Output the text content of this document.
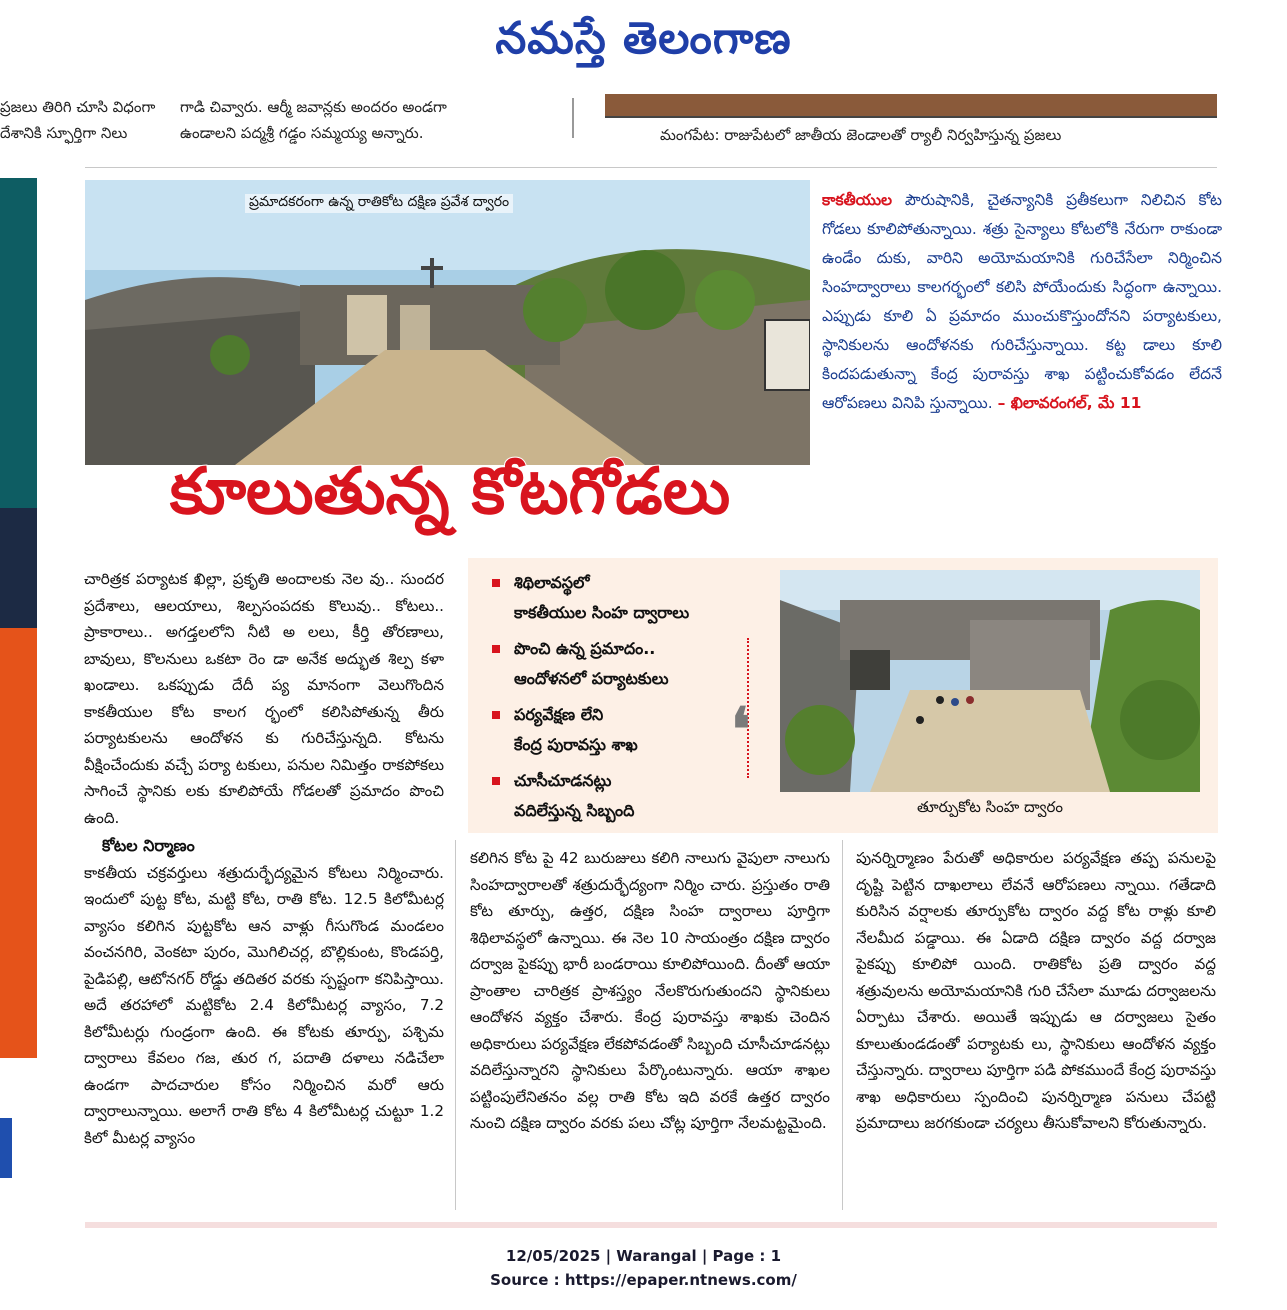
నమస్తే తెలంగాణ

ప్రజలు తిరిగి చూసి విధంగా

దేశానికి స్ఫూర్తిగా నిలు

గాడి చివ్వారు. ఆర్మీ జవాన్లకు అందరం అండగా

ఉండాలని పద్మశ్రీ గడ్డం సమ్మయ్య అన్నారు.	మంగపేట: రాజుపేటలో జాతీయ జెండాలతో ర్యాలీ నిర్వహిస్తున్న ప్రజలు
ప్రమాదకరంగా ఉన్న రాతికోట దక్షిణ ప్రవేశ ద్వారం
కూలుతున్న కోటగోడలు
కాకతీయుల పౌరుషానికి, చైతన్యానికి ప్రతీకలుగా నిలిచిన కోట గోడలు కూలిపోతున్నాయి. శత్రు సైన్యాలు కోటలోకి నేరుగా రాకుండా ఉండేం దుకు, వారిని అయోమయానికి గురిచేసేలా నిర్మించిన సింహద్వారాలు కాలగర్భంలో కలిసి పోయేందుకు సిద్ధంగా ఉన్నాయి. ఎప్పుడు కూలి ఏ ప్రమాదం ముంచుకొస్తుందోనని పర్యాటకులు, స్థానికులను ఆందోళనకు గురిచేస్తున్నాయి. కట్ట డాలు కూలి కిందపడుతున్నా కేంద్ర పురావస్తు శాఖ పట్టించుకోవడం లేదనే ఆరోపణలు వినిపి స్తున్నాయి. – ఖిలావరంగల్, మే 11
శిథిలావస్థలో
కాకతీయుల సింహ ద్వారాలు
పొంచి ఉన్న ప్రమాదం..
ఆందోళనలో పర్యాటకులు
పర్యవేక్షణ లేని
కేంద్ర పురావస్తు శాఖ
చూసీచూడనట్లు
వదిలేస్తున్న సిబ్బంది
❛
తూర్పుకోట సింహ ద్వారం

చారిత్రక పర్యాటక ఖిల్లా, ప్రకృతి అందాలకు నెల వు.. సుందర ప్రదేశాలు, ఆలయాలు, శిల్పసంపదకు కొలువు.. కోటలు.. ప్రాకారాలు.. అగడ్తలలోని నీటి అ లలు, కీర్తి తోరణాలు, బావులు, కొలనులు ఒకటా రెం డా అనేక అద్భుత శిల్ప కళా ఖండాలు. ఒకప్పుడు దేదీ ప్య మానంగా వెలుగొందిన కాకతీయుల కోట కాలగ ర్భంలో కలిసిపోతున్న తీరు పర్యాటకులను ఆందోళన కు గురిచేస్తున్నది. కోటను వీక్షించేందుకు వచ్చే పర్యా టకులు, పనుల నిమిత్తం రాకపోకలు సాగించే స్థానికు లకు కూలిపోయే గోడలతో ప్రమాదం పొంచి ఉంది.

కోటల నిర్మాణం

కాకతీయ చక్రవర్తులు శత్రుదుర్భేద్యమైన కోటలు నిర్మించారు. ఇందులో పుట్ట కోట, మట్టి కోట, రాతి కోట. 12.5 కిలోమీటర్ల వ్యాసం కలిగిన పుట్టకోట ఆన వాళ్లు గీసుగొండ మండలం వంచనగిరి, వెంకటా పురం, మొగిలిచర్ల, బొల్లికుంట, కొండపర్తి, పైడిపల్లి, ఆటోనగర్ రోడ్డు తదితర వరకు స్పష్టంగా కనిపిస్తాయి. అదే తరహాలో మట్టికోట 2.4 కిలోమీటర్ల వ్యాసం, 7.2 కిలోమీటర్లు గుండ్రంగా ఉంది. ఈ కోటకు తూర్పు, పశ్చిమ ద్వారాలు కేవలం గజ, తుర గ, పదాతి దళాలు నడిచేలా ఉండగా పాదచారుల కోసం నిర్మించిన మరో ఆరు ద్వారాలున్నాయి. అలాగే రాతి కోట 4 కిలోమీటర్ల చుట్టూ 1.2 కిలో మీటర్ల వ్యాసం

కలిగిన కోట పై 42 బురుజులు కలిగి నాలుగు వైపులా నాలుగు సింహద్వారాలతో శత్రుదుర్భేద్యంగా నిర్మిం చారు. ప్రస్తుతం రాతి కోట తూర్పు, ఉత్తర, దక్షిణ సింహ ద్వారాలు పూర్తిగా శిథిలావస్థలో ఉన్నాయి. ఈ నెల 10 సాయంత్రం దక్షిణ ద్వారం దర్వాజ పైకప్పు భారీ బండరాయి కూలిపోయింది. దీంతో ఆయా ప్రాంతాల చారిత్రక ప్రాశస్త్యం నేలకొరుగుతుందని స్థానికులు ఆందోళన వ్యక్తం చేశారు. కేంద్ర పురావస్తు శాఖకు చెందిన అధికారులు పర్యవేక్షణ లేకపోవడంతో సిబ్బంది చూసీచూడనట్లు వదిలేస్తున్నారని స్థానికులు పేర్కొంటున్నారు. ఆయా శాఖల పట్టింపులేనితనం వల్ల రాతి కోట ఇది వరకే ఉత్తర ద్వారం నుంచి దక్షిణ ద్వారం వరకు పలు చోట్ల పూర్తిగా నేలమట్టమైంది.

పునర్నిర్మాణం పేరుతో అధికారుల పర్యవేక్షణ తప్ప పనులపై దృష్టి పెట్టిన దాఖలాలు లేవనే ఆరోపణలు న్నాయి. గతేడాది కురిసిన వర్షాలకు తూర్పుకోట ద్వారం వద్ద కోట రాళ్లు కూలి నేలమీద పడ్డాయి. ఈ ఏడాది దక్షిణ ద్వారం వద్ద దర్వాజ పైకప్పు కూలిపో యింది. రాతికోట ప్రతి ద్వారం వద్ద శత్రువులను అయోమయానికి గురి చేసేలా మూడు దర్వాజలను ఏర్పాటు చేశారు. అయితే ఇప్పుడు ఆ దర్వాజలు సైతం కూలుతుండడంతో పర్యాటకు లు, స్థానికులు ఆందోళన వ్యక్తం చేస్తున్నారు. ద్వారాలు పూర్తిగా పడి పోకముందే కేంద్ర పురావస్తు శాఖ అధికారులు స్పందించి పునర్నిర్మాణ పనులు చేపట్టి ప్రమాదాలు జరగకుండా చర్యలు తీసుకోవాలని కోరుతున్నారు.

12/05/2025 | Warangal | Page : 1
Source : https://epaper.ntnews.com/
